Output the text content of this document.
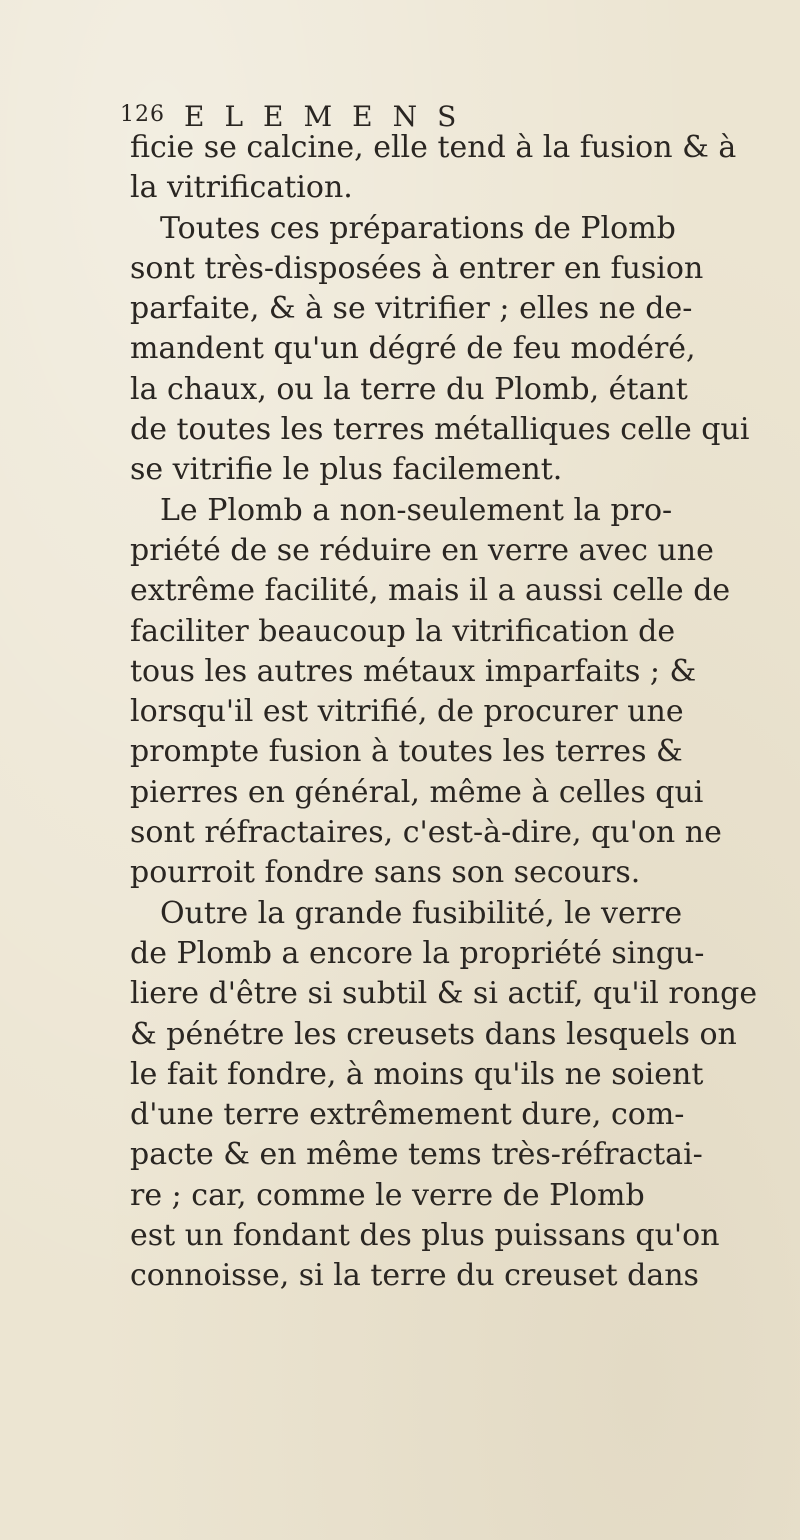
126 ELEMENS
ficie se calcine, elle tend à la fusion & à
la vitrification.
Toutes ces préparations de Plomb
sont très-disposées à entrer en fusion
parfaite, & à se vitrifier ; elles ne de-
mandent qu'un dégré de feu modéré,
la chaux, ou la terre du Plomb, étant
de toutes les terres métalliques celle qui
se vitrifie le plus facilement.
Le Plomb a non-seulement la pro-
priété de se réduire en verre avec une
extrême facilité, mais il a aussi celle de
faciliter beaucoup la vitrification de
tous les autres métaux imparfaits ; &
lorsqu'il est vitrifié, de procurer une
prompte fusion à toutes les terres &
pierres en général, même à celles qui
sont réfractaires, c'est-à-dire, qu'on ne
pourroit fondre sans son secours.
Outre la grande fusibilité, le verre
de Plomb a encore la propriété singu-
liere d'être si subtil & si actif, qu'il ronge
& pénétre les creusets dans lesquels on
le fait fondre, à moins qu'ils ne soient
d'une terre extrêmement dure, com-
pacte & en même tems très-réfractai-
re ; car, comme le verre de Plomb
est un fondant des plus puissans qu'on
connoisse, si la terre du creuset dans
